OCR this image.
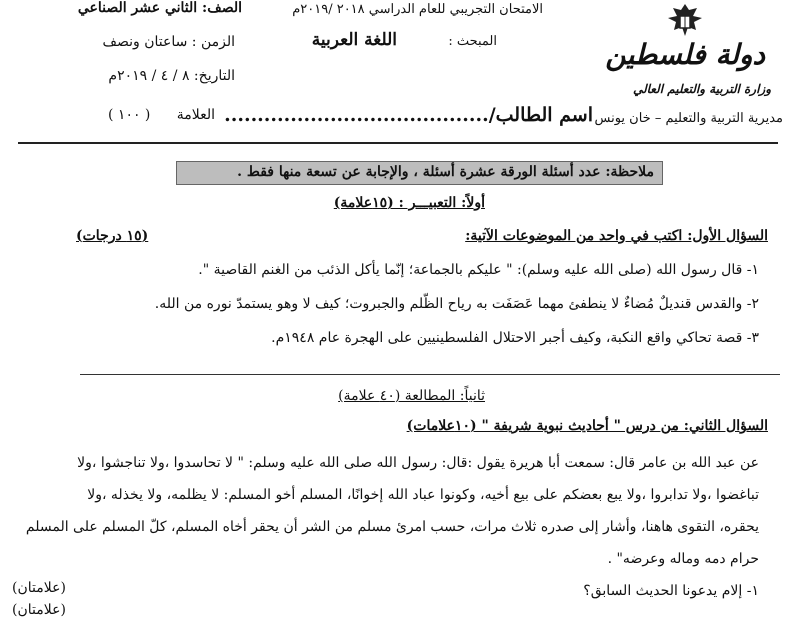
الصف: الثاني عشر الصناعي
الزمن : ساعتان ونصف
التاريخ: ٨ / ٤ / ٢٠١٩م
العلامة
( ١٠٠ )
الامتحان التجريبي للعام الدراسي ٢٠١٨ /٢٠١٩م
المبحث :
اللغة العربية
اسم الطالب/........................................
دولة فلسطين
وزارة التربية والتعليم العالي
مديرية التربية والتعليم – خان يونس
ملاحظة: عدد أسئلة الورقة عشرة أسئلة ، والإجابة عن تسعة منها فقط .
أولاً: التعبيـــر : (١٥علامة)
السؤال الأول: اكتب في واحد من الموضوعات الآتية:
(١٥ درجات)
١- قال رسول الله (صلى الله عليه وسلم): " عليكم بالجماعة؛ إنّما يأكل الذئب من الغنم القاصية ".
٢- والقدس قنديلٌ مُضاءٌ لا ينطفئ مهما عَصَفَت به رياح الظّلم والجبروت؛ كيف لا وهو يستمدّ نوره من الله.
٣- قصة تحاكي واقع النكبة، وكيف أجبر الاحتلال الفلسطينيين على الهجرة عام ١٩٤٨م.
ثانياً: المطالعة (٤٠ علامة)
السؤال الثاني: من درس " أحاديث نبوية شريفة " (١٠علامات)
عن عبد الله بن عامر قال: سمعت أبا هريرة يقول :قال: رسول الله صلى الله عليه وسلم: " لا تحاسدوا ،ولا تناجشوا ،ولا
تباغضوا ،ولا تدابروا ،ولا يبع بعضكم على بيع أخيه، وكونوا عباد الله إخوانًا، المسلم أخو المسلم: لا يظلمه، ولا يخذله ،ولا
يحقره، التقوى هاهنا، وأشار إلى صدره ثلاث مرات، حسب امرئ مسلم من الشر أن يحقر أخاه المسلم، كلّ المسلم على المسلم
حرام دمه وماله وعرضه" .
١- إلام يدعونا الحديث السابق؟
(علامتان)
(علامتان)
